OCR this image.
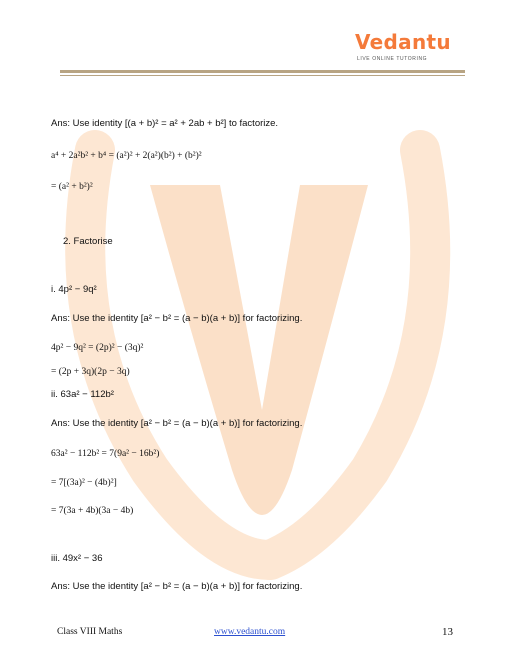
Vedantu
LIVE ONLINE TUTORING
Ans: Use identity [(a + b)² = a² + 2ab + b²] to factorize.
a⁴ + 2a²b² + b⁴ = (a²)² + 2(a²)(b²) + (b²)²
= (a² + b²)²
2. Factorise
i. 4p² − 9q²
Ans: Use the identity [a² − b² = (a − b)(a + b)] for factorizing.
4p² − 9q² = (2p)² − (3q)²
= (2p + 3q)(2p − 3q)
ii. 63a² − 112b²
Ans: Use the identity [a² − b² = (a − b)(a + b)] for factorizing.
63a² − 112b² = 7(9a² − 16b²)
= 7[(3a)² − (4b)²]
= 7(3a + 4b)(3a − 4b)
iii. 49x² − 36
Ans: Use the identity [a² − b² = (a − b)(a + b)] for factorizing.
Class VIII Maths	www.vedantu.com	13
